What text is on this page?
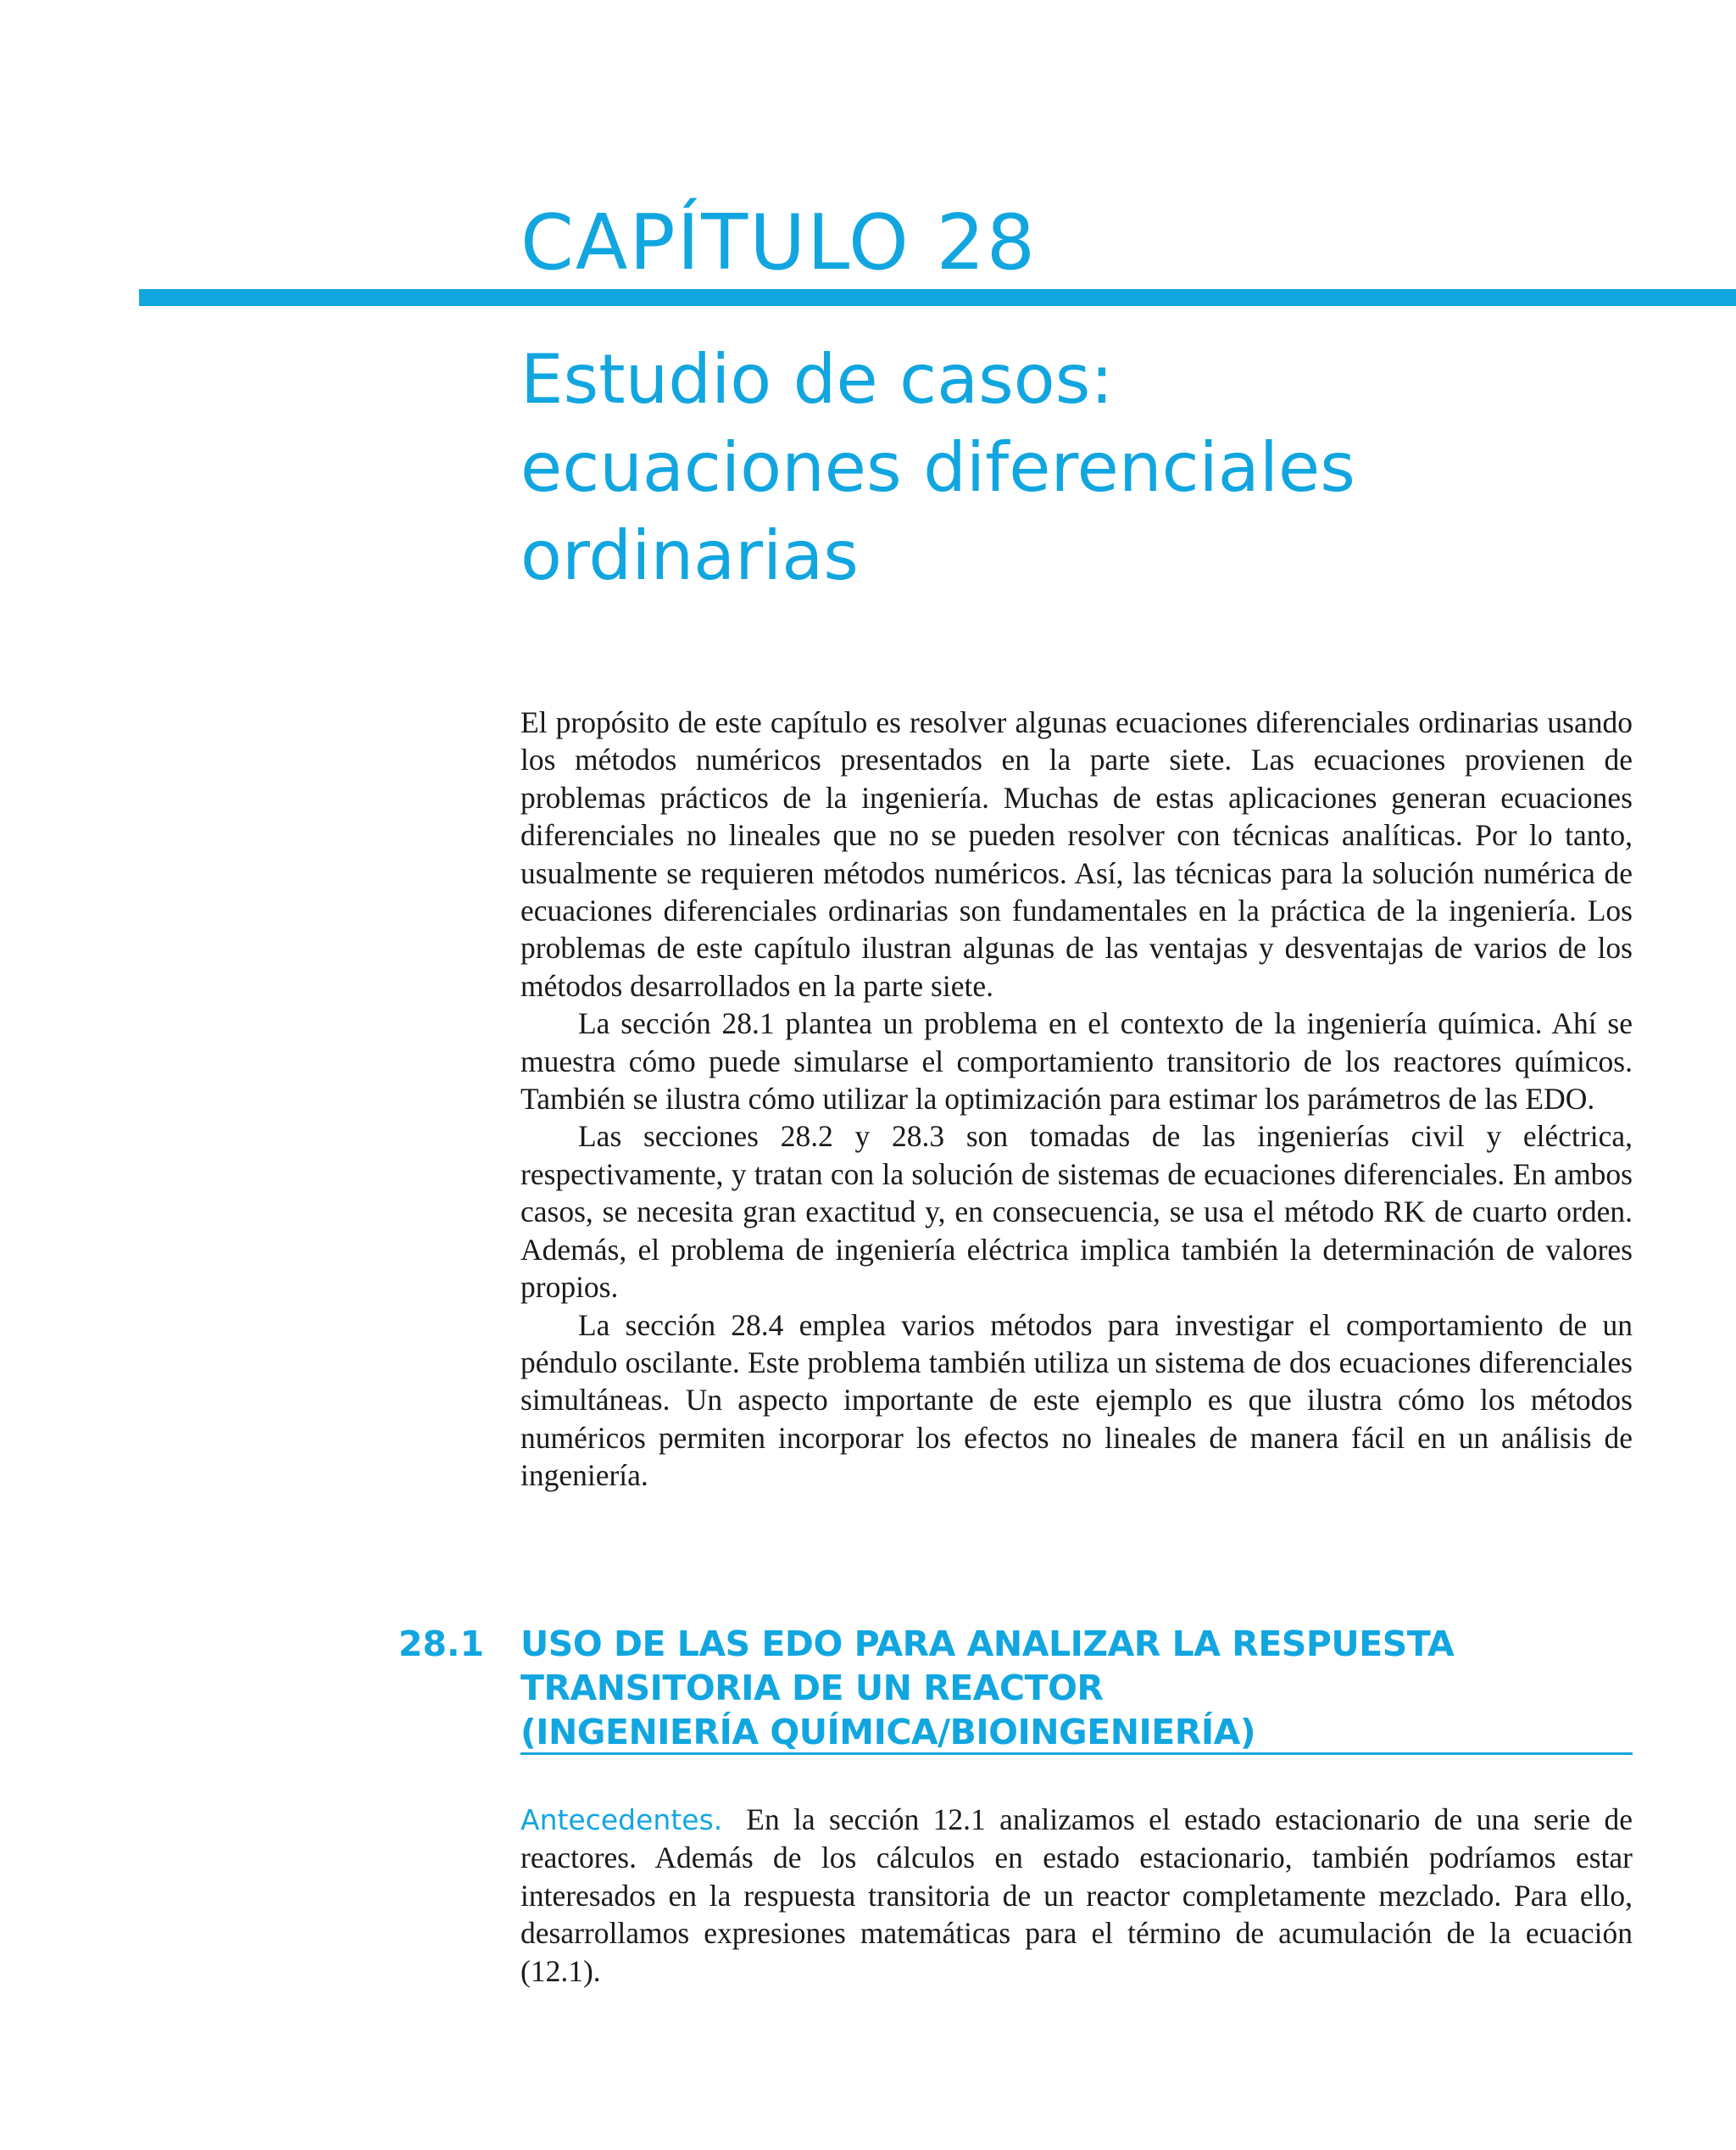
CAPÍTULO 28
Estudio de casos:
ecuaciones diferenciales
ordinarias

El propósito de este capítulo es resolver algunas ecuaciones diferenciales ordinarias usando los métodos numéricos presentados en la parte siete. Las ecuaciones provienen de problemas prácticos de la ingeniería. Muchas de estas aplicaciones generan ecuaciones diferenciales no lineales que no se pueden resolver con técnicas analíticas. Por lo tanto, usualmente se requieren métodos numéricos. Así, las técnicas para la solución numérica de ecuaciones diferenciales ordinarias son fundamentales en la práctica de la ingeniería. Los problemas de este capítulo ilustran algunas de las ventajas y desventajas de varios de los métodos desarrollados en la parte siete.

La sección 28.1 plantea un problema en el contexto de la ingeniería química. Ahí se muestra cómo puede simularse el comportamiento transitorio de los reactores químicos. También se ilustra cómo utilizar la optimización para estimar los parámetros de las EDO.

Las secciones 28.2 y 28.3 son tomadas de las ingenierías civil y eléctrica, respectivamente, y tratan con la solución de sistemas de ecuaciones diferenciales. En ambos casos, se necesita gran exactitud y, en consecuencia, se usa el método RK de cuarto orden. Además, el problema de ingeniería eléctrica implica también la determinación de valores propios.

La sección 28.4 emplea varios métodos para investigar el comportamiento de un péndulo oscilante. Este problema también utiliza un sistema de dos ecuaciones diferenciales simultáneas. Un aspecto importante de este ejemplo es que ilustra cómo los métodos numéricos permiten incorporar los efectos no lineales de manera fácil en un análisis de ingeniería.

28.1 USO DE LAS EDO PARA ANALIZAR LA RESPUESTA
TRANSITORIA DE UN REACTOR
(INGENIERÍA QUÍMICA/BIOINGENIERÍA)

Antecedentes. En la sección 12.1 analizamos el estado estacionario de una serie de reactores. Además de los cálculos en estado estacionario, también podríamos estar interesados en la respuesta transitoria de un reactor completamente mezclado. Para ello, desarrollamos expresiones matemáticas para el término de acumulación de la ecuación (12.1).
